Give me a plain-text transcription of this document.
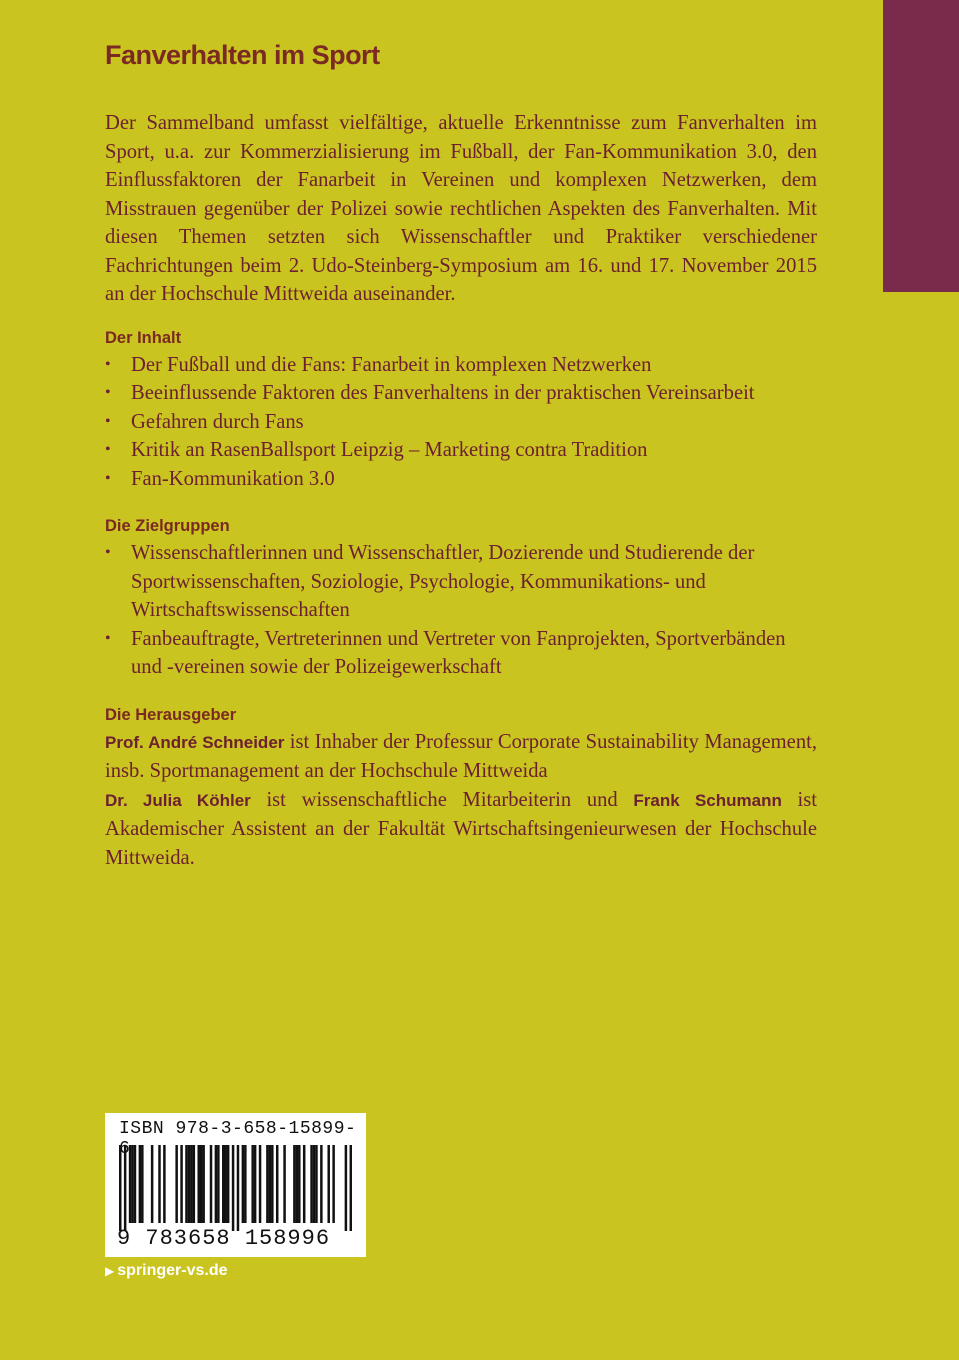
Fanverhalten im Sport

Der Sammelband umfasst vielfältige, aktuelle Erkenntnisse zum Fanverhalten im Sport, u.a. zur Kommerzialisierung im Fußball, der Fan-Kommunikation 3.0, den Einflussfaktoren der Fanarbeit in Vereinen und komplexen Netzwerken, dem Misstrauen gegenüber der Polizei sowie rechtlichen Aspekten des Fanverhalten. Mit diesen Themen setzten sich Wissenschaftler und Praktiker verschiedener Fachrichtungen beim 2. Udo-Steinberg-Symposium am 16. und 17. November 2015 an der Hochschule Mittweida auseinander.

Der Inhalt
• Der Fußball und die Fans: Fanarbeit in komplexen Netzwerken
• Beeinflussende Faktoren des Fanverhaltens in der praktischen Vereinsarbeit
• Gefahren durch Fans
• Kritik an RasenBallsport Leipzig – Marketing contra Tradition
• Fan-Kommunikation 3.0
Die Zielgruppen
• Wissenschaftlerinnen und Wissenschaftler, Dozierende und Studierende der Sportwissenschaften, Soziologie, Psychologie, Kommunikations- und Wirtschaftswissenschaften
• Fanbeauftragte, Vertreterinnen und Vertreter von Fanprojekten, Sportverbänden und -vereinen sowie der Polizeigewerkschaft
Die Herausgeber

Prof. André Schneider ist Inhaber der Professur Corporate Sustainability Management, insb. Sportmanagement an der Hochschule Mittweida

Dr. Julia Köhler ist wissenschaftliche Mitarbeiterin und Frank Schumann ist Akademischer Assistent an der Fakultät Wirtschaftsingenieurwesen der Hochschule Mittweida.

ISBN 978-3-658-15899-
9 783658 158996
▶ springer-vs.de
